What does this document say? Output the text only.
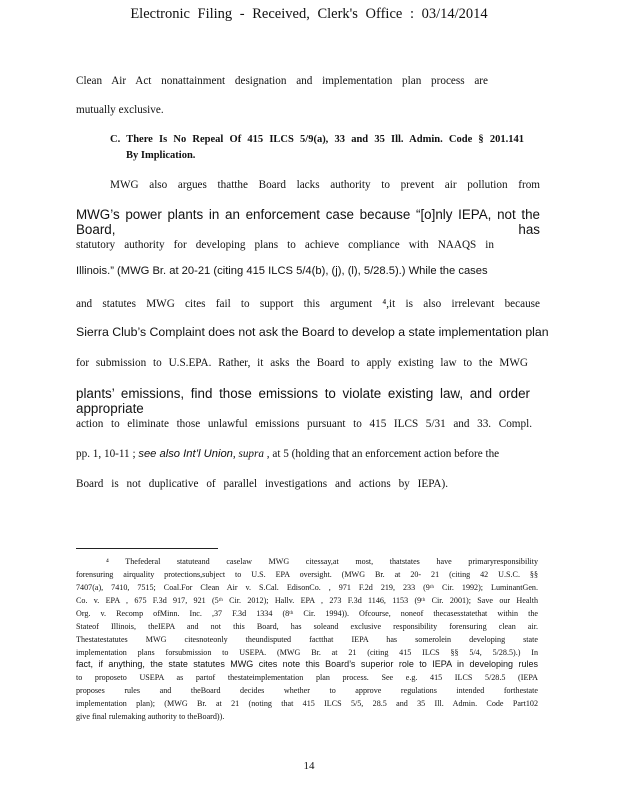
Electronic Filing - Received, Clerk's Office : 03/14/2014
Clean Air Act nonattainment designation and implementation plan process are
mutually exclusive.
C. There Is No Repeal Of 415 ILCS 5/9(a), 33 and 35 Ill. Admin. Code § 201.141
By Implication.
MWG also argues thatthe Board lacks authority to prevent air pollution from
MWG’s power plants in an enforcement case because “[o]nly IEPA, not the Board, has
statutory authority for developing plans to achieve compliance with NAAQS in
Illinois.” (MWG Br. at 20-21 (citing 415 ILCS 5/4(b), (j), (l), 5/28.5).) While the cases
and statutes MWG cites fail to support this argument ⁴,it is also irrelevant because
Sierra Club’s Complaint does not ask the Board to develop a state implementation plan
for submission to U.S.EPA. Rather, it asks the Board to apply existing law to the MWG
plants’ emissions, find those emissions to violate existing law, and order appropriate
action to eliminate those unlawful emissions pursuant to 415 ILCS 5/31 and 33. Compl.
pp. 1, 10-11 ; see also Int’l Union, supra , at 5 (holding that an enforcement action before the
Board is not duplicative of parallel investigations and actions by IEPA).
⁴ Thefederal statuteand caselaw MWG citessay,at most, thatstates have primaryresponsibility
forensuring airquality protections,subject to U.S. EPA oversight. (MWG Br. at 20- 21 (citing 42 U.S.C. §§
7407(a), 7410, 7515; Coal.For Clean Air v. S.Cal. EdisonCo. , 971 F.2d 219, 233 (9ᵗʰ Cir. 1992); LuminantGen.
Co. v. EPA , 675 F.3d 917, 921 (5ᵗʰ Cir. 2012); Hallv. EPA , 273 F.3d 1146, 1153 (9ᵗʰ Cir. 2001); Save our Health
Org. v. Recomp ofMinn. Inc. ,37 F.3d 1334 (8ᵗʰ Cir. 1994)). Ofcourse, noneof thecasesstatethat within the
Stateof Illinois, theIEPA and not this Board, has soleand exclusive responsibility forensuring clean air.
Thestatestatutes MWG citesnoteonly theundisputed factthat IEPA has somerolein developing state
implementation plans forsubmission to USEPA. (MWG Br. at 21 (citing 415 ILCS §§ 5/4, 5/28.5).) In
fact, if anything, the state statutes MWG cites note this Board’s superior role to IEPA in developing rules
to proposeto USEPA as partof thestateimplementation plan process. See e.g. 415 ILCS 5/28.5 (IEPA
proposes rules and theBoard decides whether to approve regulations intended forthestate
implementation plan); (MWG Br. at 21 (noting that 415 ILCS 5/5, 28.5 and 35 Ill. Admin. Code Part102
give final rulemaking authority to theBoard)).
14
